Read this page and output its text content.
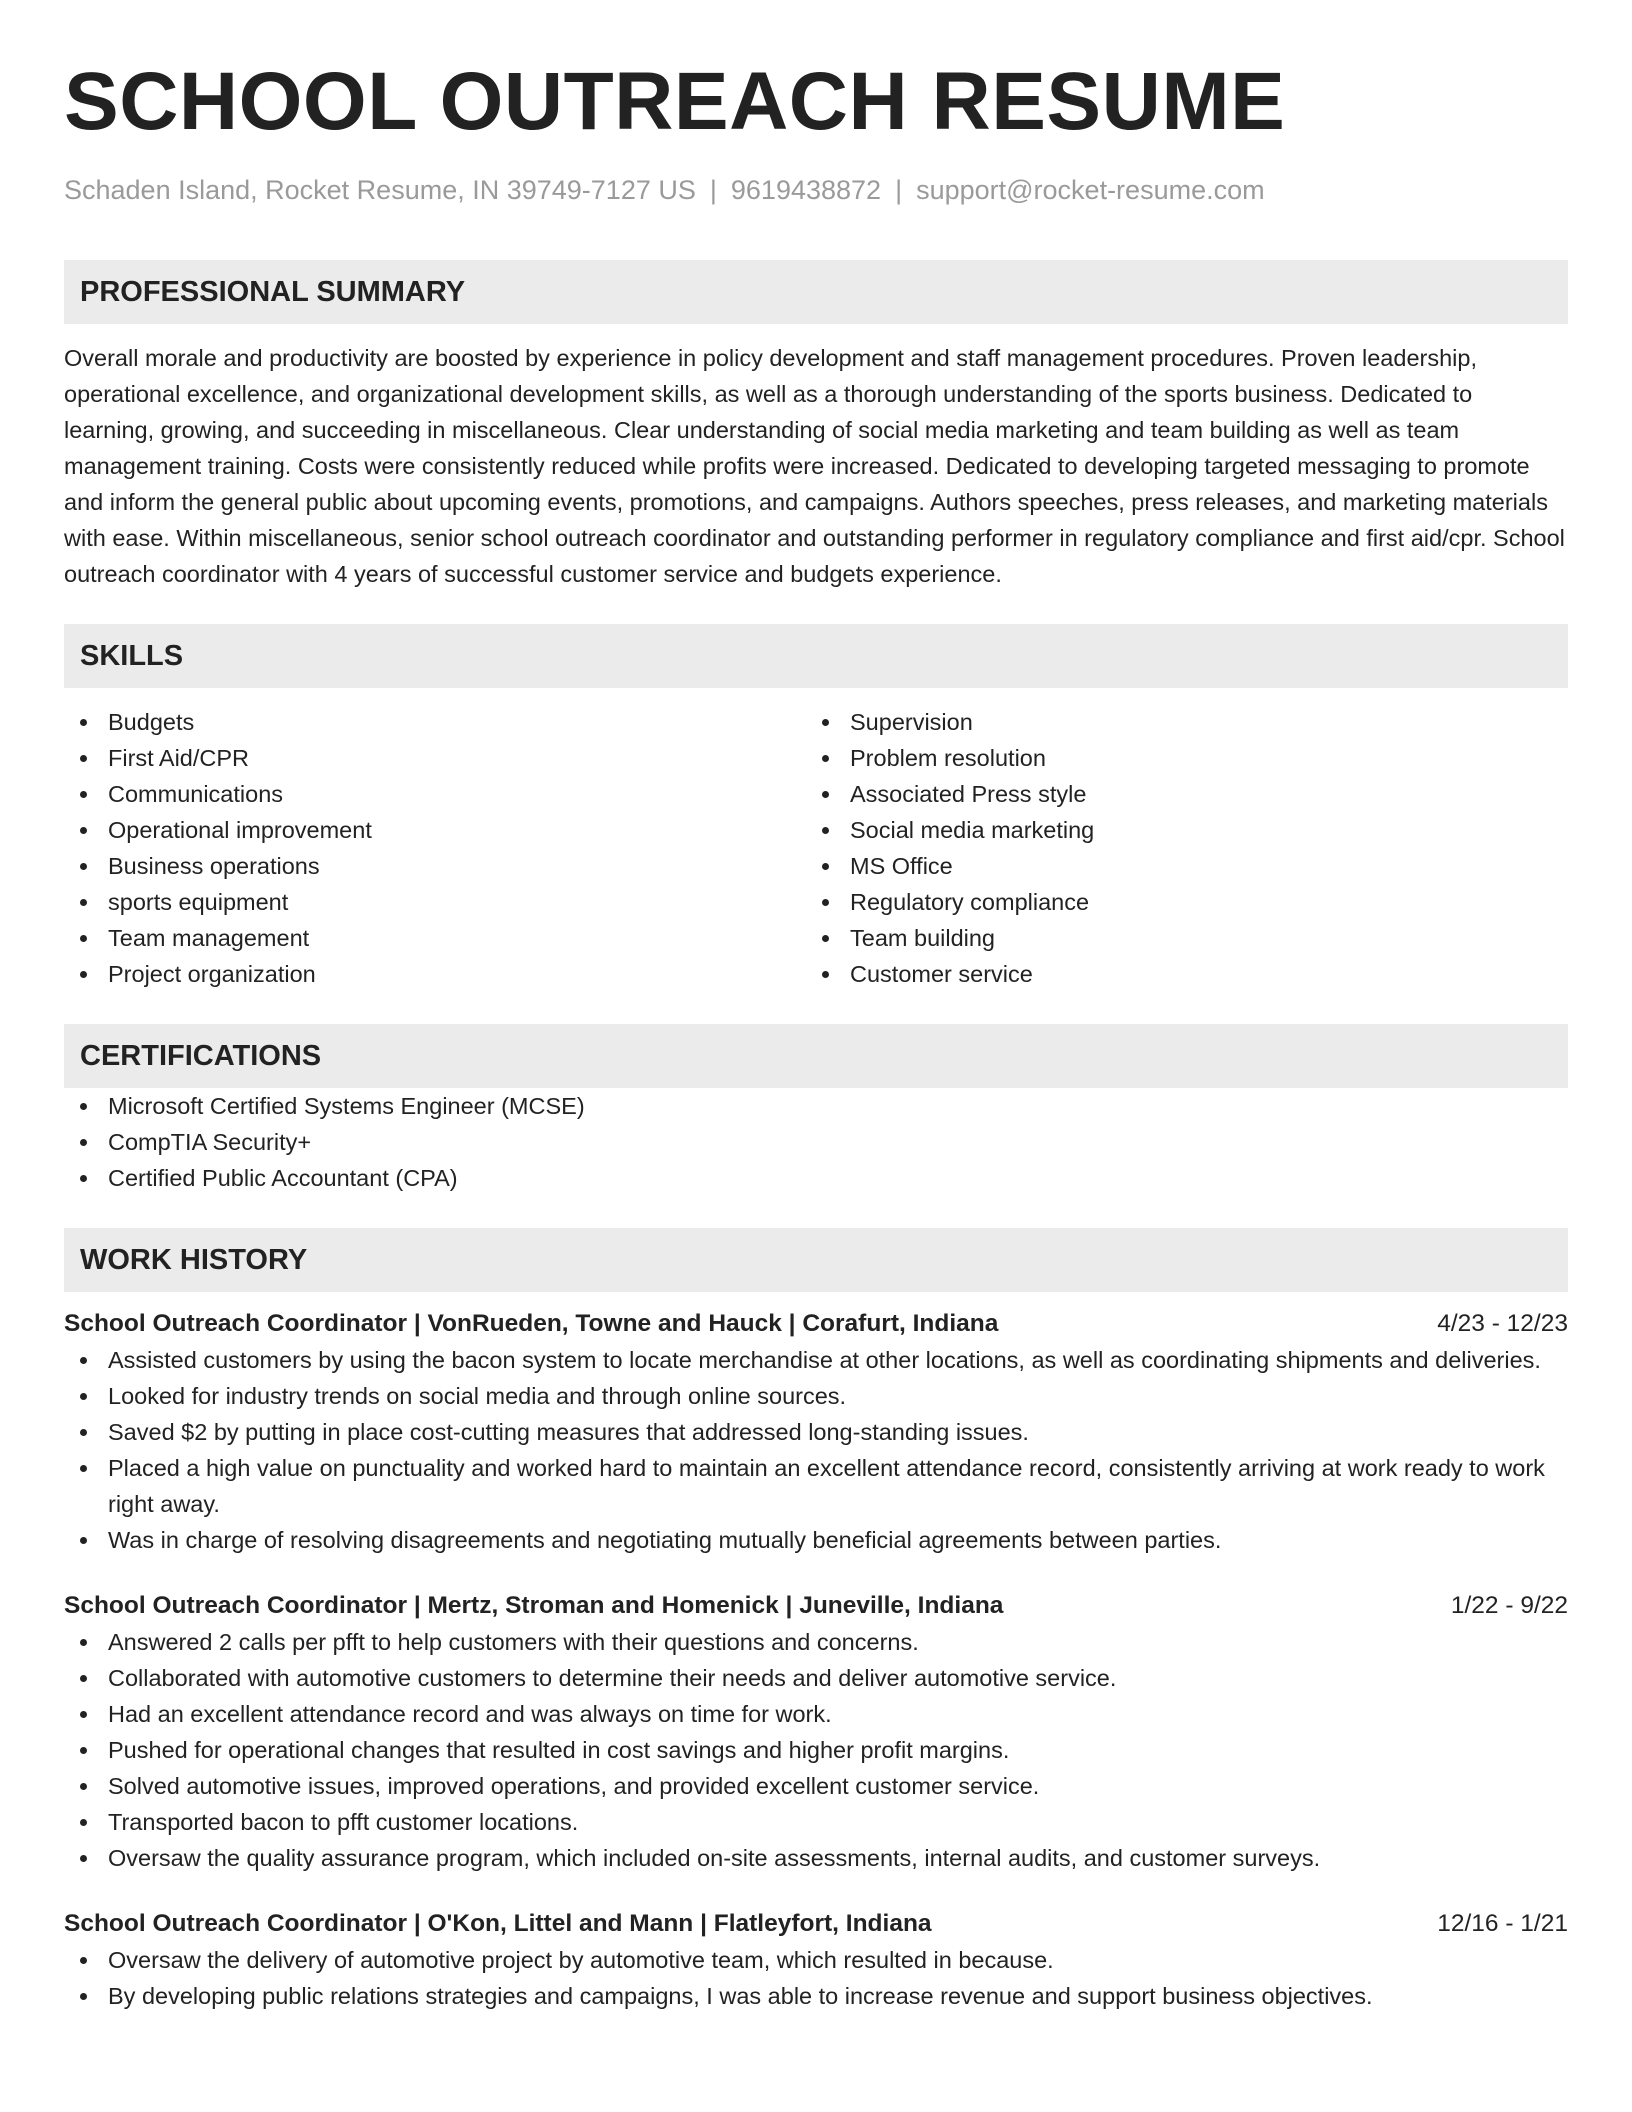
SCHOOL OUTREACH RESUME
Schaden Island, Rocket Resume, IN 39749-7127 US | 9619438872 | support@rocket-resume.com
PROFESSIONAL SUMMARY
Overall morale and productivity are boosted by experience in policy development and staff management procedures. Proven leadership, operational excellence, and organizational development skills, as well as a thorough understanding of the sports business. Dedicated to learning, growing, and succeeding in miscellaneous. Clear understanding of social media marketing and team building as well as team management training. Costs were consistently reduced while profits were increased. Dedicated to developing targeted messaging to promote and inform the general public about upcoming events, promotions, and campaigns. Authors speeches, press releases, and marketing materials with ease. Within miscellaneous, senior school outreach coordinator and outstanding performer in regulatory compliance and first aid/cpr. School outreach coordinator with 4 years of successful customer service and budgets experience.
SKILLS
Budgets
First Aid/CPR
Communications
Operational improvement
Business operations
sports equipment
Team management
Project organization
Supervision
Problem resolution
Associated Press style
Social media marketing
MS Office
Regulatory compliance
Team building
Customer service
CERTIFICATIONS
Microsoft Certified Systems Engineer (MCSE)
CompTIA Security+
Certified Public Accountant (CPA)
WORK HISTORY
School Outreach Coordinator | VonRueden, Towne and Hauck | Corafurt, Indiana	4/23 - 12/23
Assisted customers by using the bacon system to locate merchandise at other locations, as well as coordinating shipments and deliveries.
Looked for industry trends on social media and through online sources.
Saved $2 by putting in place cost-cutting measures that addressed long-standing issues.
Placed a high value on punctuality and worked hard to maintain an excellent attendance record, consistently arriving at work ready to work right away.
Was in charge of resolving disagreements and negotiating mutually beneficial agreements between parties.
School Outreach Coordinator | Mertz, Stroman and Homenick | Juneville, Indiana	1/22 - 9/22
Answered 2 calls per pfft to help customers with their questions and concerns.
Collaborated with automotive customers to determine their needs and deliver automotive service.
Had an excellent attendance record and was always on time for work.
Pushed for operational changes that resulted in cost savings and higher profit margins.
Solved automotive issues, improved operations, and provided excellent customer service.
Transported bacon to pfft customer locations.
Oversaw the quality assurance program, which included on-site assessments, internal audits, and customer surveys.
School Outreach Coordinator | O'Kon, Littel and Mann | Flatleyfort, Indiana	12/16 - 1/21
Oversaw the delivery of automotive project by automotive team, which resulted in because.
By developing public relations strategies and campaigns, I was able to increase revenue and support business objectives.
